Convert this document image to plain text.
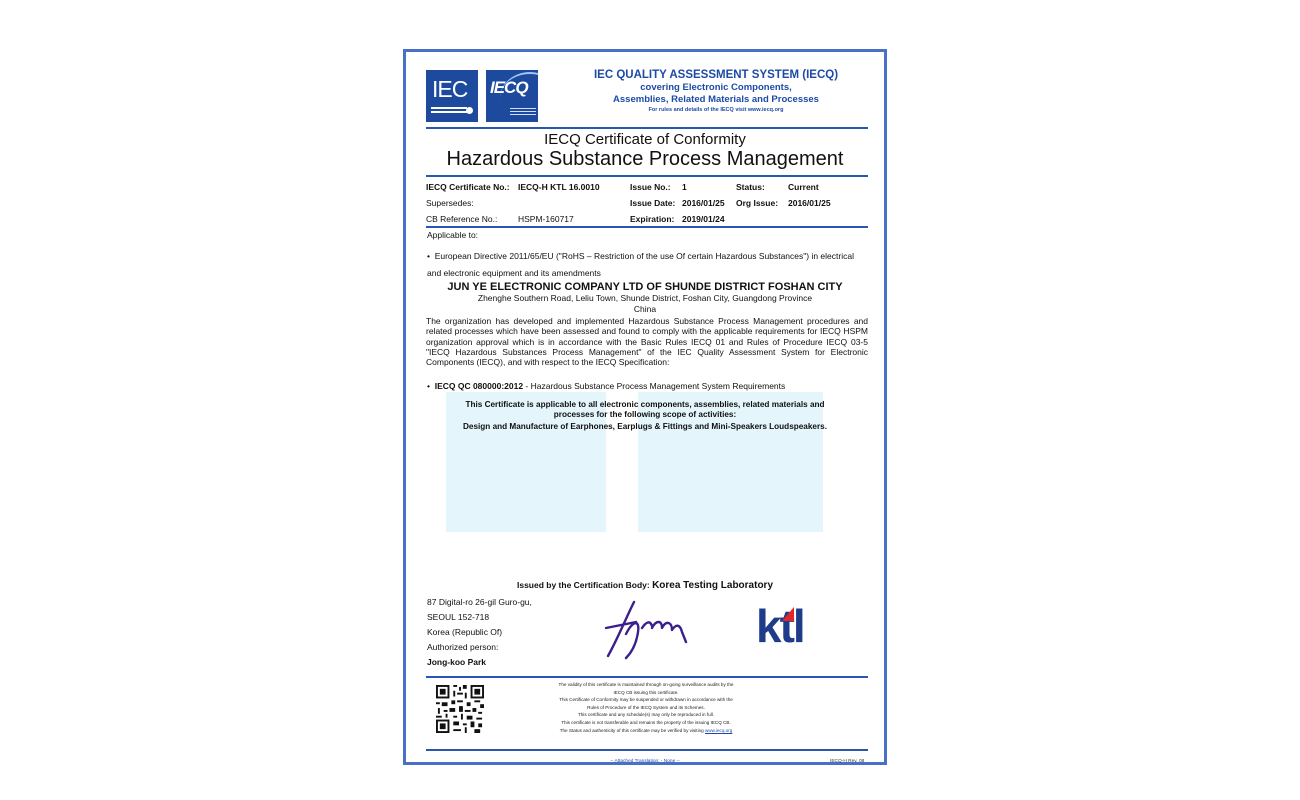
IEC IECQ
IEC QUALITY ASSESSMENT SYSTEM (IECQ)
covering Electronic Components,
Assemblies, Related Materials and Processes
For rules and details of the IECQ visit www.iecq.org
IECQ Certificate of Conformity
Hazardous Substance Process Management
IECQ Certificate No.:	IECQ-H KTL 16.0010	Issue No.:	1	Status:	Current
Supersedes:		Issue Date:	2016/01/25	Org Issue:	2016/01/25
CB Reference No.:	HSPM-160717	Expiration:	2019/01/24		
Applicable to:
•  European Directive 2011/65/EU ("RoHS – Restriction of the use Of certain Hazardous Substances") in electrical and electronic equipment and its amendments
JUN YE ELECTRONIC COMPANY LTD OF SHUNDE DISTRICT FOSHAN CITY
Zhenghe Southern Road, Leliu Town, Shunde District, Foshan City, Guangdong Province
China
The organization has developed and implemented Hazardous Substance Process Management procedures and related processes which have been assessed and found to comply with the applicable requirements for IECQ HSPM organization approval which is in accordance with the Basic Rules IECQ 01 and Rules of Procedure IECQ 03-5 "IECQ Hazardous Substances Process Management" of the IEC Quality Assessment System for Electronic Components (IECQ), and with respect to the IECQ Specification:
•  IECQ QC 080000:2012 - Hazardous Substance Process Management System Requirements
This Certificate is applicable to all electronic components, assemblies, related materials and processes for the following scope of activities:
Design and Manufacture of Earphones, Earplugs & Fittings and Mini-Speakers Loudspeakers.
Issued by the Certification Body: Korea Testing Laboratory
87 Digital-ro 26-gil Guro-gu,
SEOUL 152-718
Korea (Republic Of)
Authorized person:
Jong-koo Park
ktl
The validity of this certificate is maintained through on-going surveillance audits by the
IECQ CB issuing this certificate.
This Certificate of Conformity may be suspended or withdrawn in accordance with the
Rules of Procedure of the IECQ System and its Schemes.
This certificate and any schedule(s) may only be reproduced in full.
This certificate is not transferable and remains the property of the issuing IECQ CB.
The Status and authenticity of this certificate may be verified by visiting www.iecq.org
-- Attached Translation: - None --	IECQ-H Rev. 08
